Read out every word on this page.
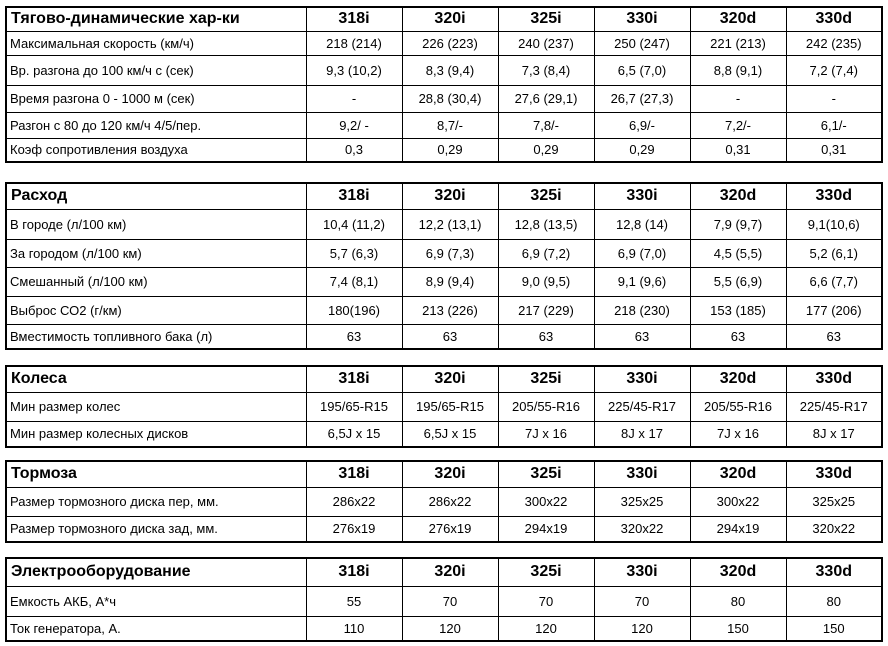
Тягово-динамические хар-ки	318i	320i	325i	330i	320d	330d
Максимальная скорость (км/ч)	218 (214)	226 (223)	240 (237)	250 (247)	221 (213)	242 (235)
Вр. разгона до 100 км/ч с (сек)	9,3 (10,2)	8,3 (9,4)	7,3 (8,4)	6,5 (7,0)	8,8 (9,1)	7,2 (7,4)
Время разгона 0 - 1000 м (сек)	-	28,8 (30,4)	27,6 (29,1)	26,7 (27,3)	-	-
Разгон с 80 до 120 км/ч 4/5/пер.	9,2/ -	8,7/-	7,8/-	6,9/-	7,2/-	6,1/-
Коэф сопротивления воздуха	0,3	0,29	0,29	0,29	0,31	0,31
Расход	318i	320i	325i	330i	320d	330d
В городе (л/100 км)	10,4 (11,2)	12,2 (13,1)	12,8 (13,5)	12,8 (14)	7,9 (9,7)	9,1(10,6)
За городом (л/100 км)	5,7 (6,3)	6,9 (7,3)	6,9 (7,2)	6,9 (7,0)	4,5 (5,5)	5,2 (6,1)
Смешанный (л/100 км)	7,4 (8,1)	8,9 (9,4)	9,0 (9,5)	9,1 (9,6)	5,5 (6,9)	6,6 (7,7)
Выброс СО2 (г/км)	180(196)	213 (226)	217 (229)	218 (230)	153 (185)	177 (206)
Вместимость топливного бака (л)	63	63	63	63	63	63
Колеса	318i	320i	325i	330i	320d	330d
Мин размер колес	195/65-R15	195/65-R15	205/55-R16	225/45-R17	205/55-R16	225/45-R17
Мин размер колесных дисков	6,5J x 15	6,5J x 15	7J x 16	8J x 17	7J x 16	8J x 17
Тормоза	318i	320i	325i	330i	320d	330d
Размер тормозного диска пер, мм.	286x22	286x22	300x22	325x25	300x22	325x25
Размер тормозного диска зад, мм.	276x19	276x19	294x19	320x22	294x19	320x22
Электрооборудование	318i	320i	325i	330i	320d	330d
Емкость АКБ, А*ч	55	70	70	70	80	80
Ток генератора, А.	110	120	120	120	150	150
